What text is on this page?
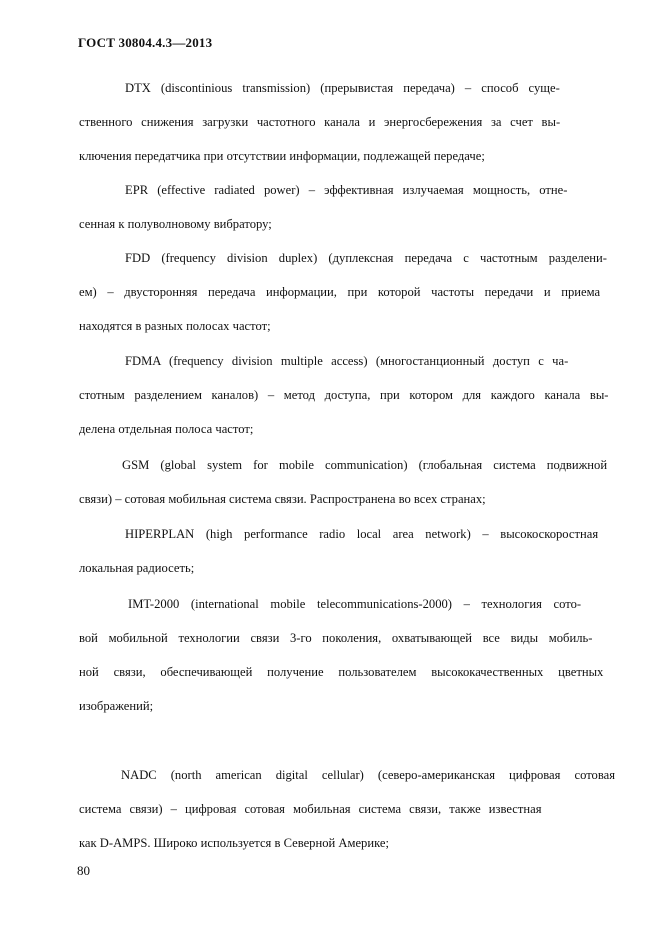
ГОСТ 30804.4.3—2013
DTX (discontinious transmission) (прерывистая передача) – способ суще-
ственного снижения загрузки частотного канала и энергосбережения за счет вы-
ключения передатчика при отсутствии информации, подлежащей передаче;
EPR (effective radiated power) – эффективная излучаемая мощность, отне-
сенная к полуволновому вибратору;
FDD (frequency division duplex) (дуплексная передача с частотным разделени-
ем) – двусторонняя передача информации, при которой частоты передачи и приема
находятся в разных полосах частот;
FDMA (frequency division multiple access) (многостанционный доступ с ча-
стотным разделением каналов) – метод доступа, при котором для каждого канала вы-
делена отдельная полоса частот;
GSM (global system for mobile communication) (глобальная система подвижной
связи) – сотовая мобильная система связи. Распространена во всех странах;
HIPERPLAN (high performance radio local area network) – высокоскоростная
локальная радиосеть;
IMT-2000 (international mobile telecommunications-2000) – технология сото-
вой мобильной технологии связи 3-го поколения, охватывающей все виды мобиль-
ной связи, обеспечивающей получение пользователем высококачественных цветных
изображений;
NADC (north american digital cellular) (северо-американская цифровая сотовая
система связи) – цифровая сотовая мобильная система связи, также известная
как D-AMPS. Широко используется в Северной Америке;
80
